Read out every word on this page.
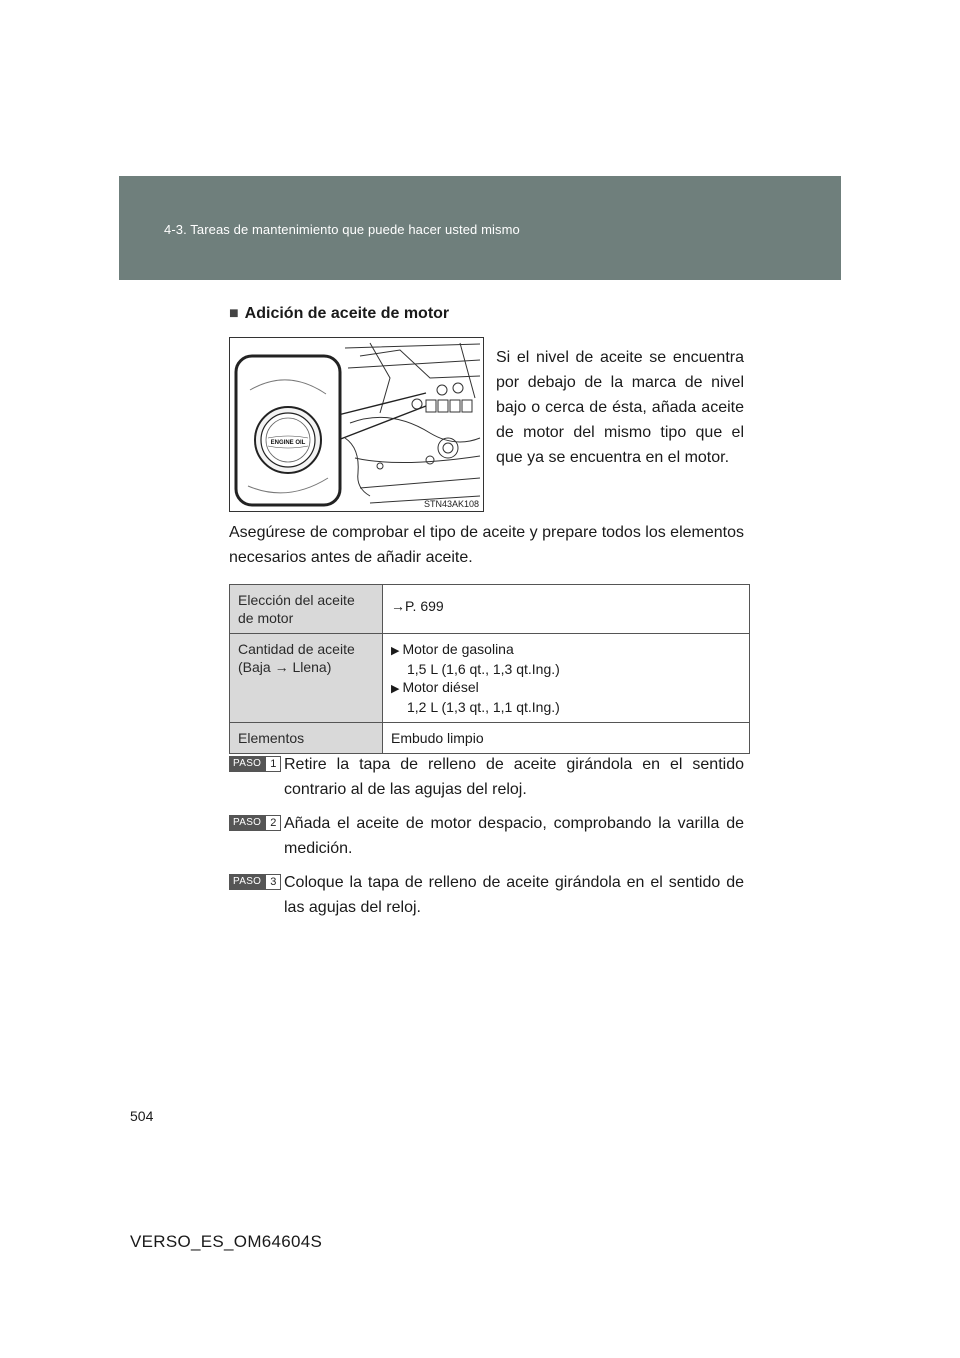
4-3. Tareas de mantenimiento que puede hacer usted mismo
■ Adición de aceite de motor
ENGINE OIL
STN43AK108
Si el nivel de aceite se encuentra por debajo de la marca de nivel bajo o cerca de ésta, añada aceite de motor del mismo tipo que el que ya se encuentra en el motor.
Asegúrese de comprobar el tipo de aceite y prepare todos los elementos necesarios antes de añadir aceite.
Elección del aceite de motor	→P. 699
Cantidad de aceite
(Baja → Llena)	▶ Motor de gasolina
1,5 L (1,6 qt., 1,3 qt.Ing.)
▶ Motor diésel
1,2 L (1,3 qt., 1,1 qt.Ing.)

Elementos	Embudo limpio
PASO 1 Retire la tapa de relleno de aceite girándola en el sentido contrario al de las agujas del reloj.
PASO 2 Añada el aceite de motor despacio, comprobando la varilla de medición.
PASO 3 Coloque la tapa de relleno de aceite girándola en el sentido de las agujas del reloj.
504
VERSO_ES_OM64604S
